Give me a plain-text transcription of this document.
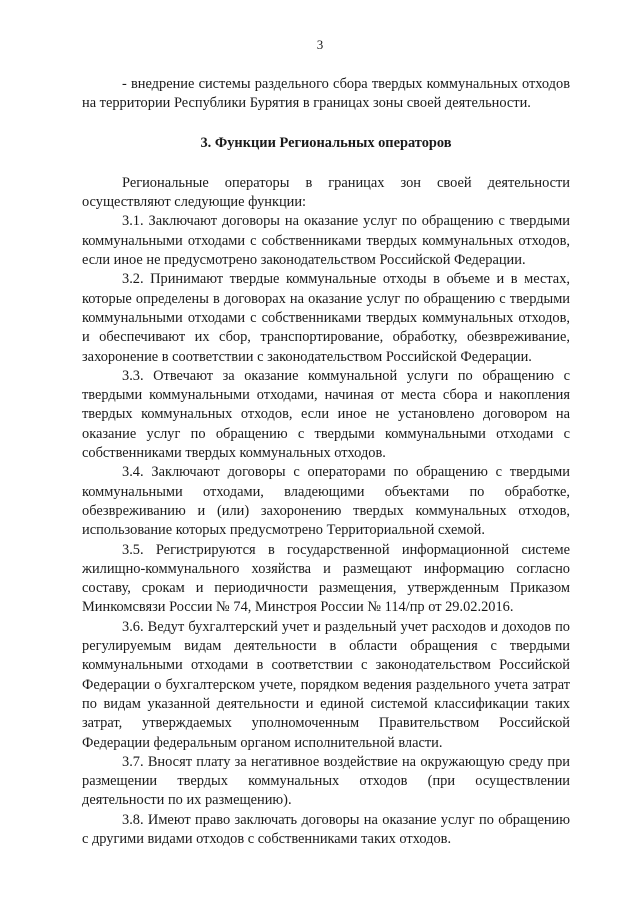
3

- внедрение системы раздельного сбора твердых коммунальных отходов на территории Республики Бурятия в границах зоны своей деятельности.

3. Функции Региональных операторов

Региональные операторы в границах зон своей деятельности осуществляют следующие функции:

3.1. Заключают договоры на оказание услуг по обращению с твердыми коммунальными отходами с собственниками твердых коммунальных отходов, если иное не предусмотрено законодательством Российской Федерации.

3.2. Принимают твердые коммунальные отходы в объеме и в местах, которые определены в договорах на оказание услуг по обращению с твердыми коммунальными отходами с собственниками твердых коммунальных отходов, и обеспечивают их сбор, транспортирование, обработку, обезвреживание, захоронение в соответствии с законодательством Российской Федерации.

3.3. Отвечают за оказание коммунальной услуги по обращению с твердыми коммунальными отходами, начиная от места сбора и накопления твердых коммунальных отходов, если иное не установлено договором на оказание услуг по обращению с твердыми коммунальными отходами с собственниками твердых коммунальных отходов.

3.4. Заключают договоры с операторами по обращению с твердыми коммунальными отходами, владеющими объектами по обработке, обезвреживанию и (или) захоронению твердых коммунальных отходов, использование которых предусмотрено Территориальной схемой.

3.5. Регистрируются в государственной информационной системе жилищно-коммунального хозяйства и размещают информацию согласно составу, срокам и периодичности размещения, утвержденным Приказом Минкомсвязи России № 74, Минстроя России № 114/пр от 29.02.2016.

3.6. Ведут бухгалтерский учет и раздельный учет расходов и доходов по регулируемым видам деятельности в области обращения с твердыми коммунальными отходами в соответствии с законодательством Российской Федерации о бухгалтерском учете, порядком ведения раздельного учета затрат по видам указанной деятельности и единой системой классификации таких затрат, утверждаемых уполномоченным Правительством Российской Федерации федеральным органом исполнительной власти.

3.7. Вносят плату за негативное воздействие на окружающую среду при размещении твердых коммунальных отходов (при осуществлении деятельности по их размещению).

3.8. Имеют право заключать договоры на оказание услуг по обращению с другими видами отходов с собственниками таких отходов.
